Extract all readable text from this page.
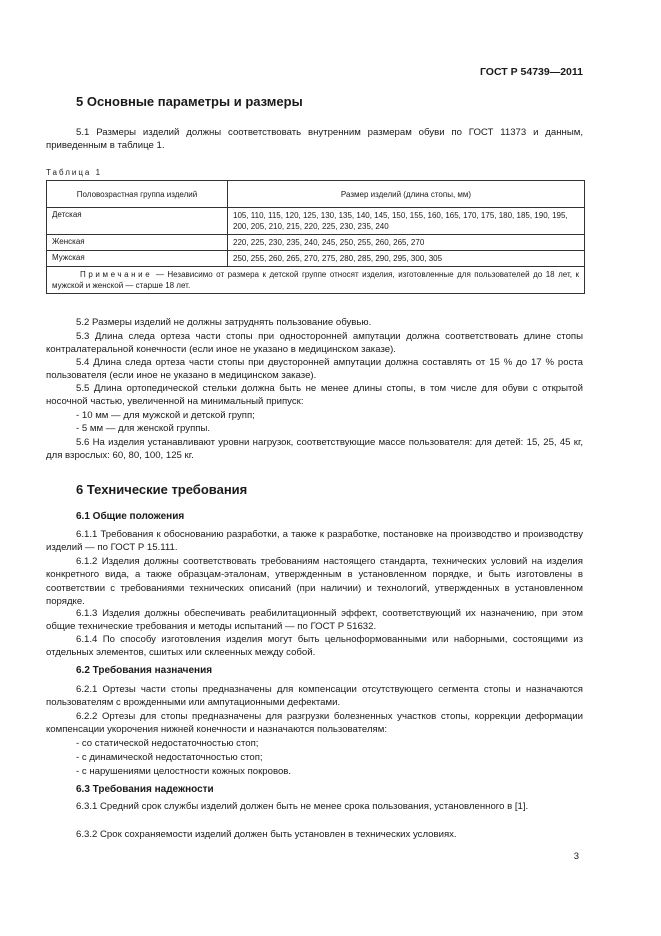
ГОСТ Р 54739—2011
5 Основные параметры и размеры

5.1 Размеры изделий должны соответствовать внутренним размерам обуви по ГОСТ 11373 и данным, приведенным в таблице 1.

Таблица 1
Половозрастная группа изделий	Размер изделий (длина стопы, мм)
Детская	105, 110, 115, 120, 125, 130, 135, 140, 145, 150, 155, 160, 165, 170, 175, 180, 185, 190, 195, 200, 205, 210, 215, 220, 225, 230, 235, 240
Женская	220, 225, 230, 235, 240, 245, 250, 255, 260, 265, 270
Мужская	250, 255, 260, 265, 270, 275, 280, 285, 290, 295, 300, 305
Примечание — Независимо от размера к детской группе относят изделия, изготовленные для пользователей до 18 лет, к мужской и женской — старше 18 лет.	

5.2 Размеры изделий не должны затруднять пользование обувью.

5.3 Длина следа ортеза части стопы при односторонней ампутации должна соответствовать длине стопы контралатеральной конечности (если иное не указано в медицинском заказе).

5.4 Длина следа ортеза части стопы при двусторонней ампутации должна составлять от 15 % до 17 % роста пользователя (если иное не указано в медицинском заказе).

5.5 Длина ортопедической стельки должна быть не менее длины стопы, в том числе для обуви с открытой носочной частью, увеличенной на минимальный припуск:

- 10 мм — для мужской и детской групп;
- 5 мм — для женской группы.

5.6 На изделия устанавливают уровни нагрузок, соответствующие массе пользователя: для детей: 15, 25, 45 кг, для взрослых: 60, 80, 100, 125 кг.

6 Технические требования
6.1 Общие положения

6.1.1 Требования к обоснованию разработки, а также к разработке, постановке на производство и производству изделий — по ГОСТ Р 15.111.

6.1.2 Изделия должны соответствовать требованиям настоящего стандарта, технических условий на изделия конкретного вида, а также образцам-эталонам, утвержденным в установленном порядке, и быть изготовлены в соответствии с требованиями технических описаний (при наличии) и технологий, утвержденных в установленном порядке.

6.1.3 Изделия должны обеспечивать реабилитационный эффект, соответствующий их назначению, при этом общие технические требования и методы испытаний — по ГОСТ Р 51632.

6.1.4 По способу изготовления изделия могут быть цельноформованными или наборными, состоящими из отдельных элементов, сшитых или склеенных между собой.

6.2 Требования назначения

6.2.1 Ортезы части стопы предназначены для компенсации отсутствующего сегмента стопы и назначаются пользователям с врожденными или ампутационными дефектами.

6.2.2 Ортезы для стопы предназначены для разгрузки болезненных участков стопы, коррекции деформации компенсации укорочения нижней конечности и назначаются пользователям:

- со статической недостаточностью стоп;
- с динамической недостаточностью стоп;
- с нарушениями целостности кожных покровов.
6.3 Требования надежности

6.3.1 Средний срок службы изделий должен быть не менее срока пользования, установленного в [1].

6.3.2 Срок сохраняемости изделий должен быть установлен в технических условиях.

3
